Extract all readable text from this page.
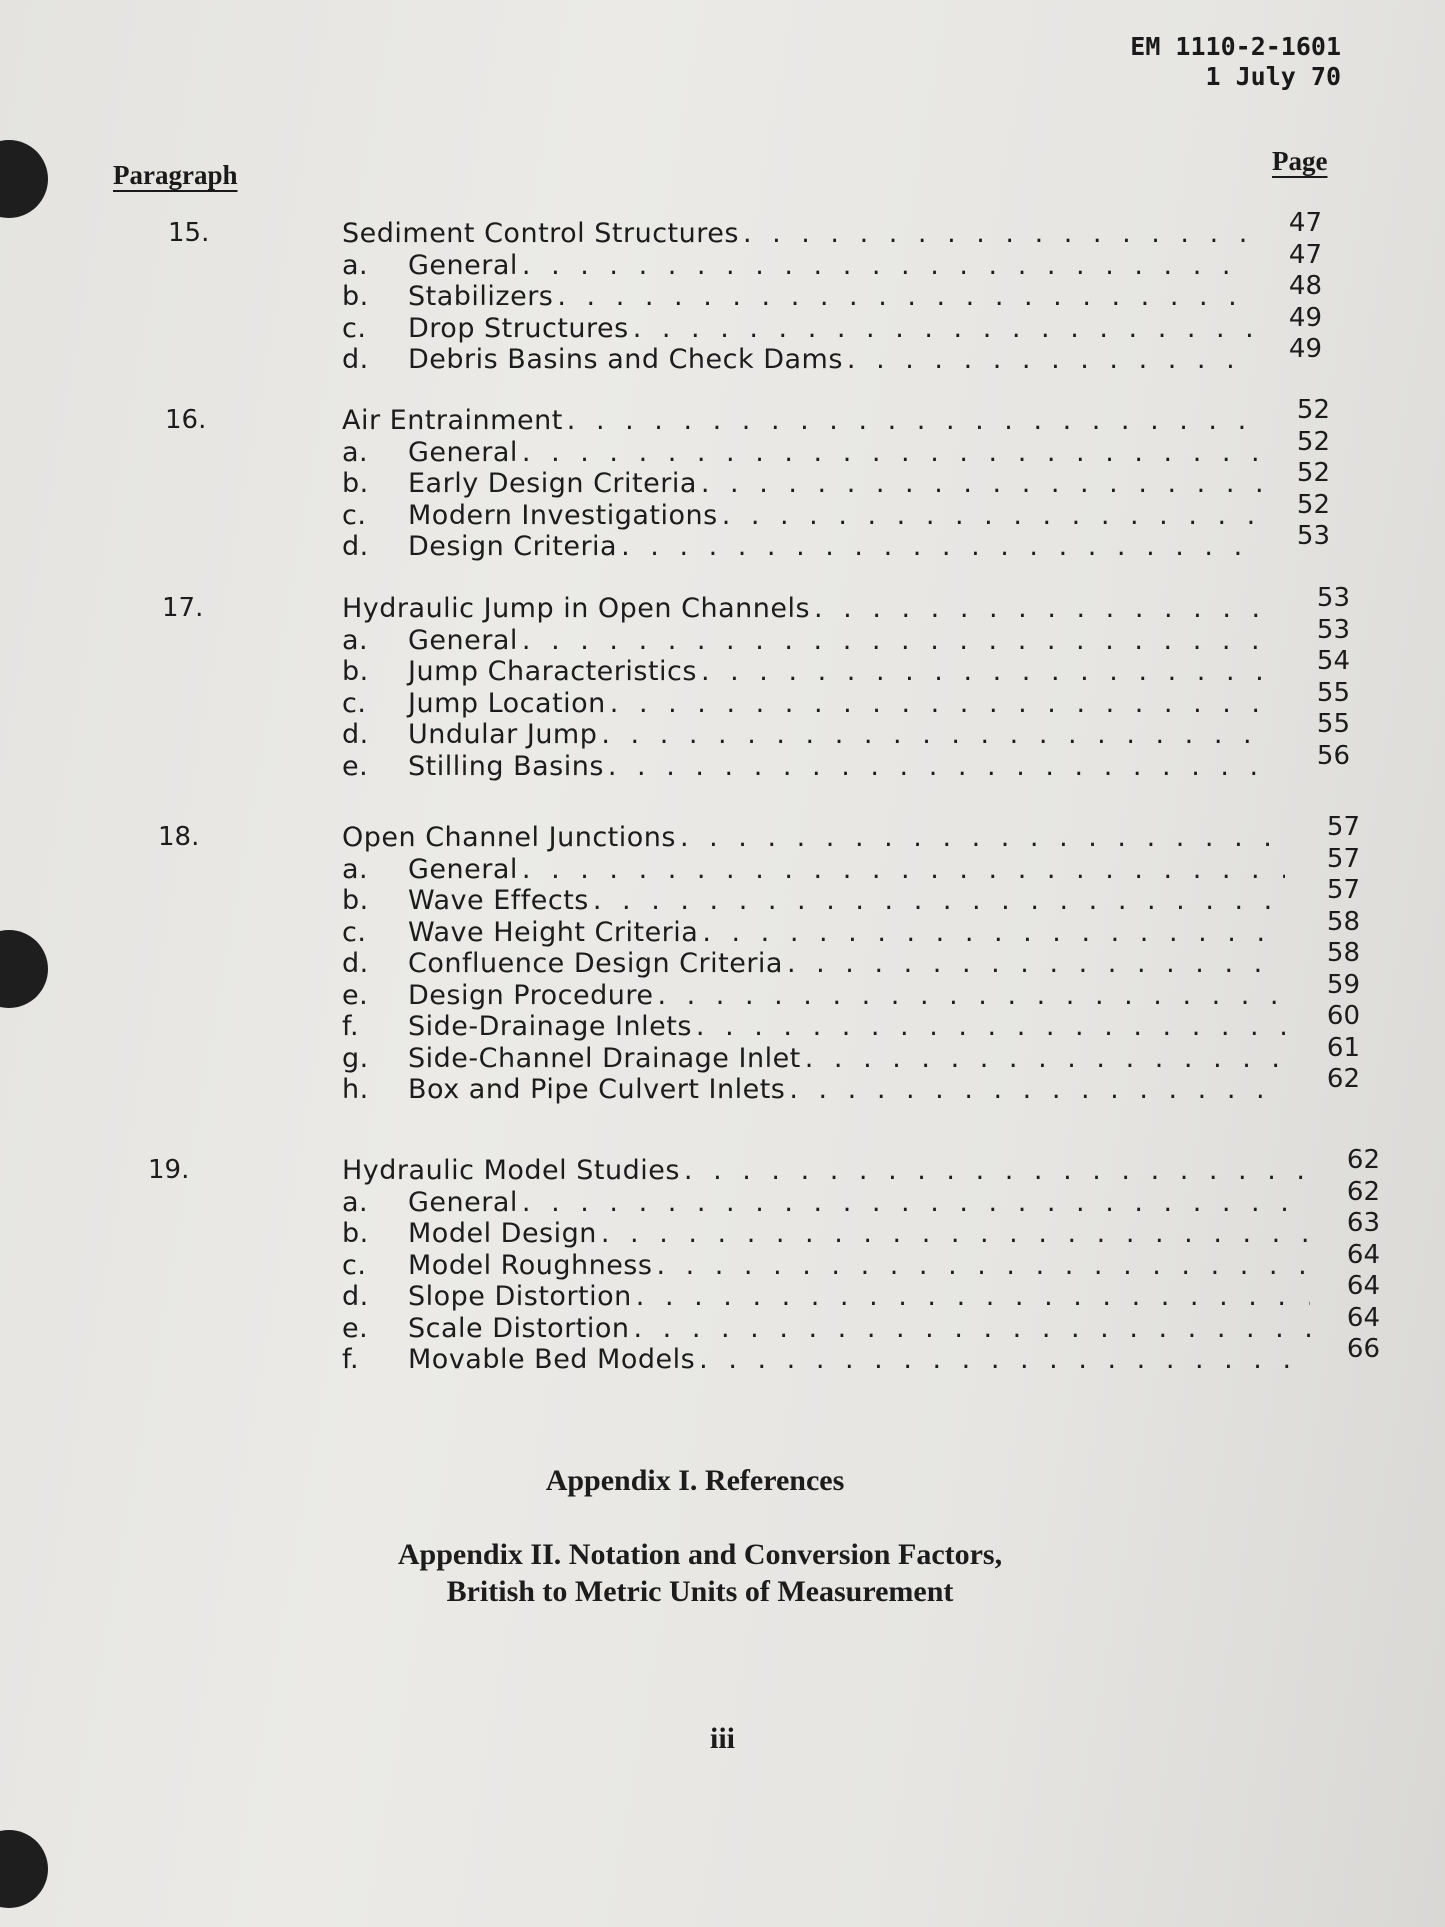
EM 1110-2-1601
1 July 70
Paragraph	Page
15.	Sediment Control Structures . . .	47
a.	General . . .	47
b.	Stabilizers . . .	48
c.	Drop Structures . . .	49
d.	Debris Basins and Check Dams . . .	49
16.	Air Entrainment . . .	52
a.	General . . .	52
b.	Early Design Criteria . . .	52
c.	Modern Investigations . . .	52
d.	Design Criteria . . .	53
17.	Hydraulic Jump in Open Channels . . .	53
a.	General . . .	53
b.	Jump Characteristics . . .	54
c.	Jump Location . . .	55
d.	Undular Jump . . .	55
e.	Stilling Basins . . .	56
18.	Open Channel Junctions . . .	57
a.	General . . .	57
b.	Wave Effects . . .	57
c.	Wave Height Criteria . . .	58
d.	Confluence Design Criteria . . .	58
e.	Design Procedure . . .	59
f.	Side-Drainage Inlets . . .	60
g.	Side-Channel Drainage Inlet . . .	61
h.	Box and Pipe Culvert Inlets . . .	62
19.	Hydraulic Model Studies . . .	62
a.	General . . .	62
b.	Model Design . . .	63
c.	Model Roughness . . .	64
d.	Slope Distortion . . .	64
e.	Scale Distortion . . .	64
f.	Movable Bed Models . . .	66
Appendix I. References
Appendix II. Notation and Conversion Factors,
British to Metric Units of Measurement
iii
